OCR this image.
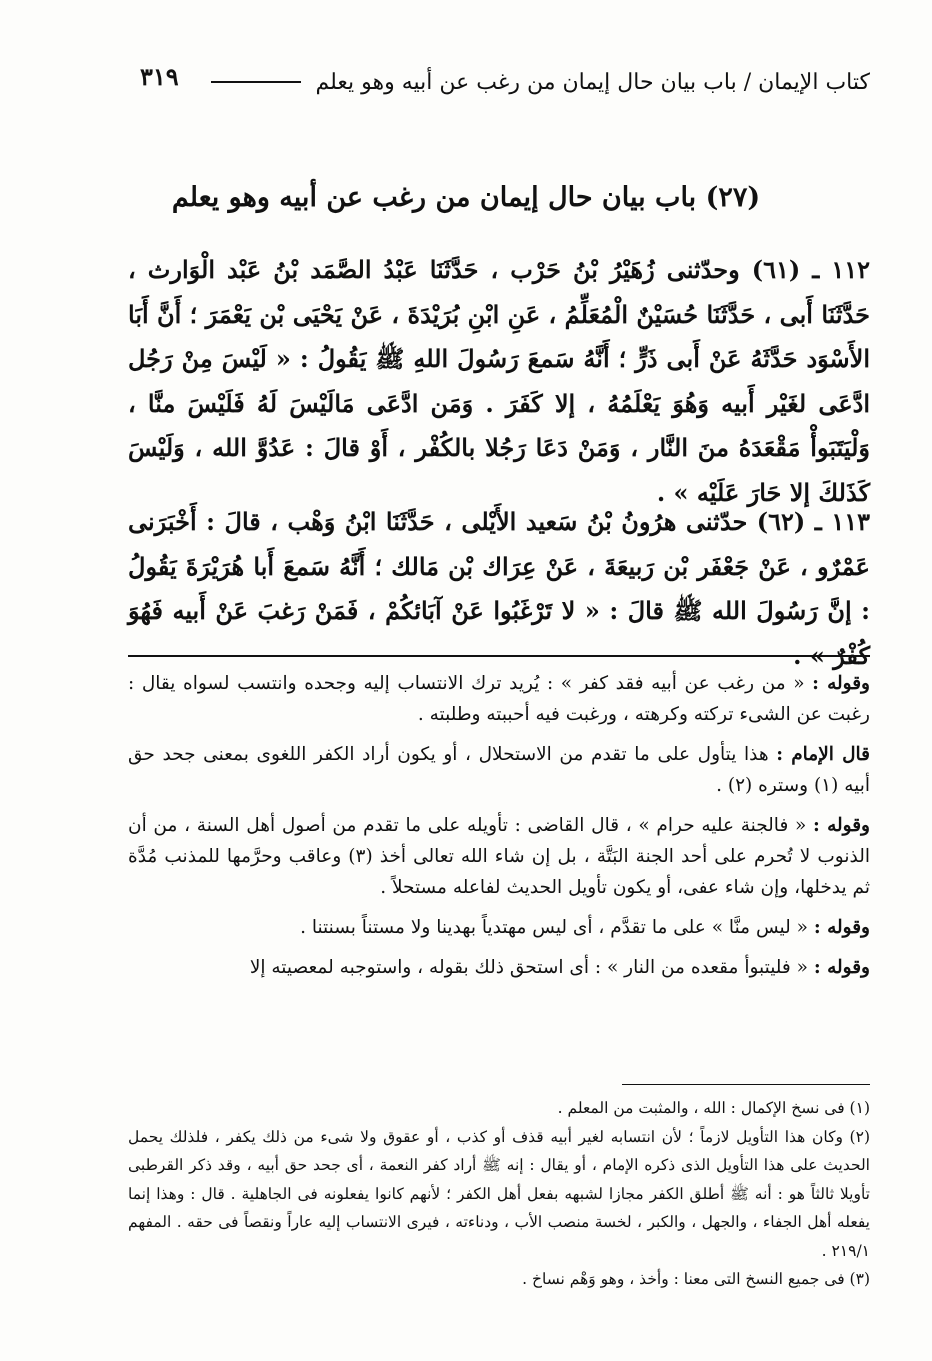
كتاب الإيمان / باب بيان حال إيمان من رغب عن أبيه وهو يعلم
٣١٩
(٢٧) باب بيان حال إيمان من رغب عن أبيه وهو يعلم

١١٢ ـ (٦١) وحدّثنى زُهَيْرُ بْنُ حَرْب ، حَدَّثَنَا عَبْدُ الصَّمَد بْنُ عَبْد الْوَارث ، حَدَّثَنَا أَبى ، حَدَّثَنَا حُسَيْنٌ الْمُعَلِّمُ ، عَنِ ابْنِ بُرَيْدَةَ ، عَنْ يَحْيَى بْن يَعْمَرَ ؛ أَنَّ أَبَا الأَسْوَد حَدَّثَهُ عَنْ أَبى ذَرٍّ ؛ أَنَّهُ سَمعَ رَسُولَ اللهِ ﷺ يَقُولُ : « لَيْسَ مِنْ رَجُل ادَّعَى لغَيْر أَبيه وَهُوَ يَعْلَمُهُ ، إلا كَفَرَ . وَمَن ادَّعَى مَالَيْسَ لَهُ فَلَيْسَ منَّا ، وَلْيَتَبَوأْ مَقْعَدَهُ منَ النَّار ، وَمَنْ دَعَا رَجُلا بالكُفْر ، أَوْ قالَ : عَدُوَّ الله ، وَلَيْسَ كَذَلكَ إلا حَارَ عَلَيْه » .

١١٣ ـ (٦٢) حدّثنى هرُونُ بْنُ سَعيد الأَيْلى ، حَدَّثَنَا ابْنُ وَهْب ، قالَ : أَخْبَرَنى عَمْرٌو ، عَنْ جَعْفَر بْن رَبيعَةَ ، عَنْ عِرَاك بْن مَالك ؛ أَنَّهُ سَمعَ أَبا هُرَيْرَةَ يَقُولُ : إنَّ رَسُولَ الله ﷺ قالَ : « لا تَرْغَبُوا عَنْ آبَائكُمْ ، فَمَنْ رَغبَ عَنْ أَبيه فَهُوَ كُفْرٌ » .

وقوله : « من رغب عن أبيه فقد كفر » : يُريد ترك الانتساب إليه وجحده وانتسب لسواه يقال : رغبت عن الشىء تركته وكرهته ، ورغبت فيه أحببته وطلبته .

قال الإمام : هذا يتأول على ما تقدم من الاستحلال ، أو يكون أراد الكفر اللغوى بمعنى جحد حق أبيه (١) وستره (٢) .

وقوله : « فالجنة عليه حرام » ، قال القاضى : تأويله على ما تقدم من أصول أهل السنة ، من أن الذنوب لا تُحرم على أحد الجنة البَتَّة ، بل إن شاء الله تعالى أخذ (٣) وعاقب وحرَّمها للمذنب مُدَّة ثم يدخلها، وإن شاء عفى، أو يكون تأويل الحديث لفاعله مستحلاً .

وقوله : « ليس منَّا » على ما تقدَّم ، أى ليس مهتدياً بهدينا ولا مستناً بسنتنا .

وقوله : « فليتبوأ مقعده من النار » : أى استحق ذلك بقوله ، واستوجبه لمعصيته إلا

(١) فى نسخ الإكمال : الله ، والمثبت من المعلم .

(٢) وكان هذا التأويل لازماً ؛ لأن انتسابه لغير أبيه قذف أو كذب ، أو عقوق ولا شىء من ذلك يكفر ، فلذلك يحمل الحديث على هذا التأويل الذى ذكره الإمام ، أو يقال : إنه ﷺ أراد كفر النعمة ، أى جحد حق أبيه ، وقد ذكر القرطبى تأويلا ثالثاً هو : أنه ﷺ أطلق الكفر مجازا لشبهه بفعل أهل الكفر ؛ لأنهم كانوا يفعلونه فى الجاهلية . قال : وهذا إنما يفعله أهل الجفاء ، والجهل ، والكبر ، لخسة منصب الأب ، ودناءته ، فيرى الانتساب إليه عاراً ونقصاً فى حقه . المفهم ٢١٩/١ .

(٣) فى جميع النسخ التى معنا : وأخذ ، وهو وَهْم نساخ .
